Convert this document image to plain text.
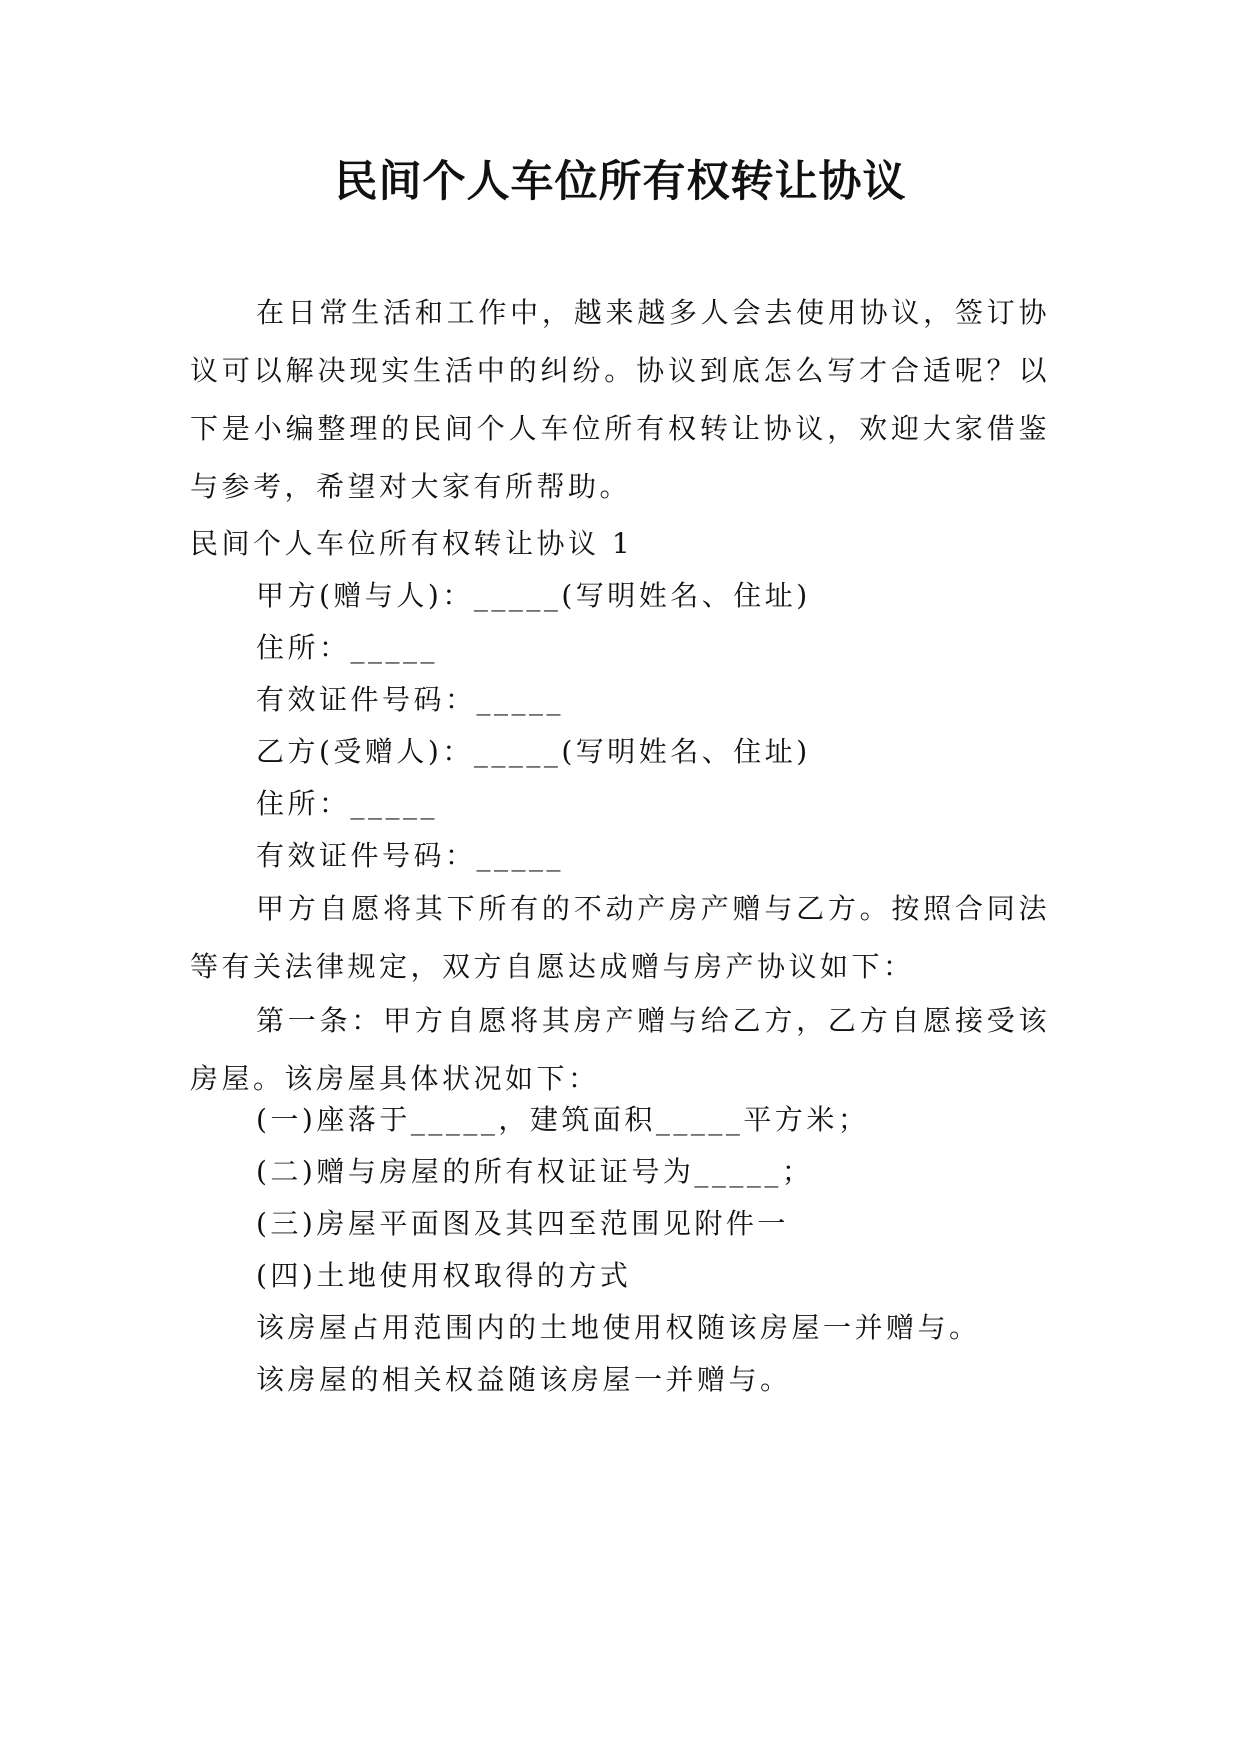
民间个人车位所有权转让协议
在日常生活和工作中，越来越多人会去使用协议，签订协议可以解决现实生活中的纠纷。协议到底怎么写才合适呢？以下是小编整理的民间个人车位所有权转让协议，欢迎大家借鉴与参考，希望对大家有所帮助。
民间个人车位所有权转让协议 1
甲方(赠与人)：_____(写明姓名、住址)
住所：_____
有效证件号码：_____
乙方(受赠人)：_____(写明姓名、住址)
住所：_____
有效证件号码：_____
甲方自愿将其下所有的不动产房产赠与乙方。按照合同法等有关法律规定，双方自愿达成赠与房产协议如下：
第一条：甲方自愿将其房产赠与给乙方，乙方自愿接受该房屋。该房屋具体状况如下：
(一)座落于_____，建筑面积_____平方米；
(二)赠与房屋的所有权证证号为_____；
(三)房屋平面图及其四至范围见附件一
(四)土地使用权取得的方式
该房屋占用范围内的土地使用权随该房屋一并赠与。
该房屋的相关权益随该房屋一并赠与。
